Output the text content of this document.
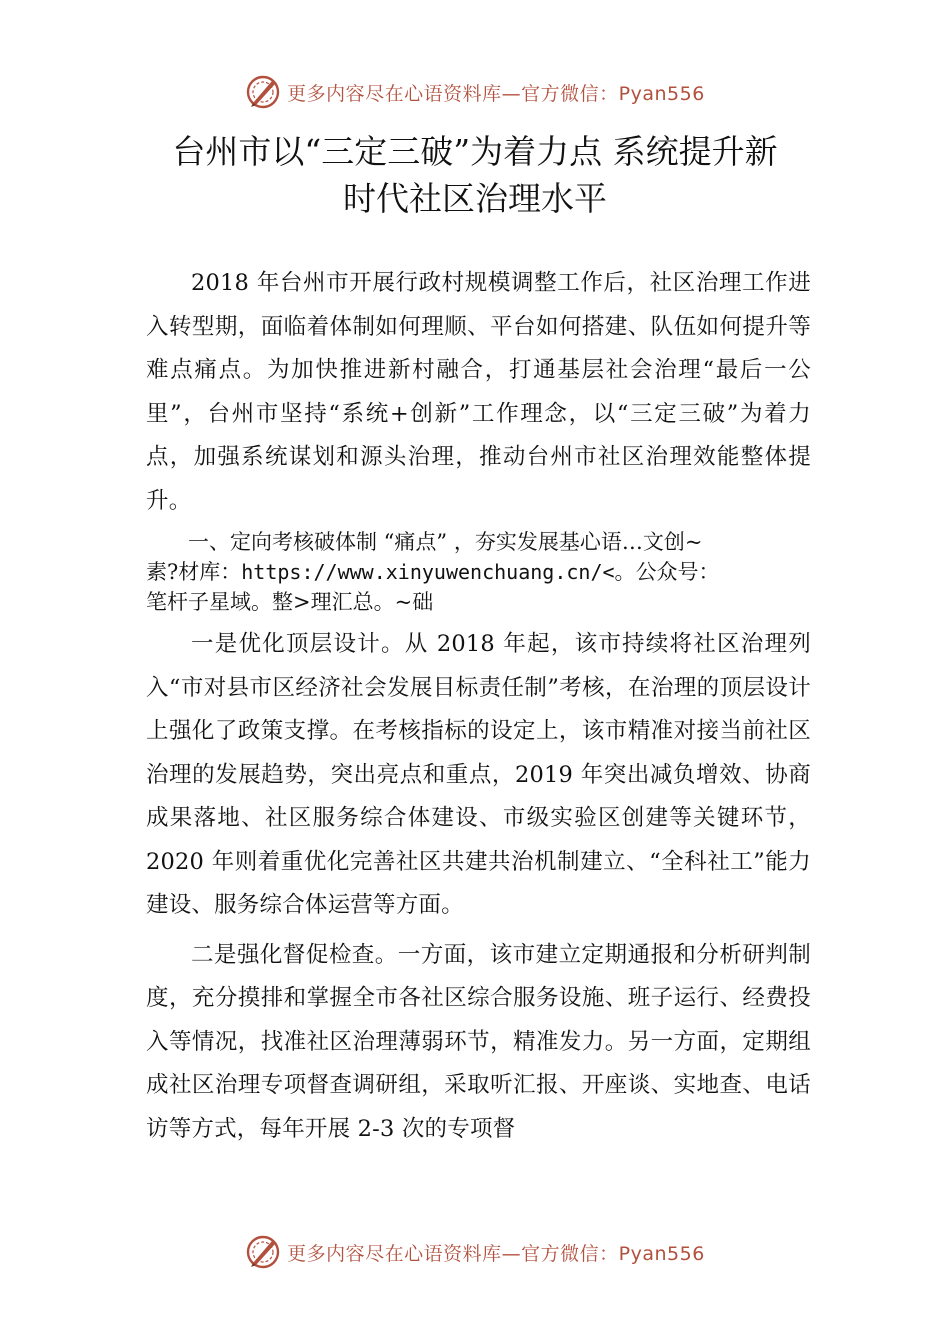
更多内容尽在心语资料库—官方微信：Pyan556
台州市以“三定三破”为着力点 系统提升新
时代社区治理水平

2018 年台州市开展行政村规模调整工作后，社区治理工作进入转型期，面临着体制如何理顺、平台如何搭建、队伍如何提升等难点痛点。为加快推进新村融合，打通基层社会治理“最后一公里”，台州市坚持“系统+创新”工作理念，以“三定三破”为着力点，加强系统谋划和源头治理，推动台州市社区治理效能整体提升。

一、定向考核破体制 “痛点” ，夯实发展基心语…文创~
素?材库：https://www.xinyuwenchuang.cn/<。公众号：
笔杆子星域。整>理汇总。~础

一是优化顶层设计。从 2018 年起，该市持续将社区治理列入“市对县市区经济社会发展目标责任制”考核，在治理的顶层设计上强化了政策支撑。在考核指标的设定上，该市精准对接当前社区治理的发展趋势，突出亮点和重点，2019 年突出减负增效、协商成果落地、社区服务综合体建设、市级实验区创建等关键环节，2020 年则着重优化完善社区共建共治机制建立、“全科社工”能力建设、服务综合体运营等方面。

二是强化督促检查。一方面，该市建立定期通报和分析研判制度，充分摸排和掌握全市各社区综合服务设施、班子运行、经费投入等情况，找准社区治理薄弱环节，精准发力。另一方面，定期组成社区治理专项督查调研组，采取听汇报、开座谈、实地查、电话访等方式，每年开展 2-3 次的专项督

更多内容尽在心语资料库—官方微信：Pyan556
